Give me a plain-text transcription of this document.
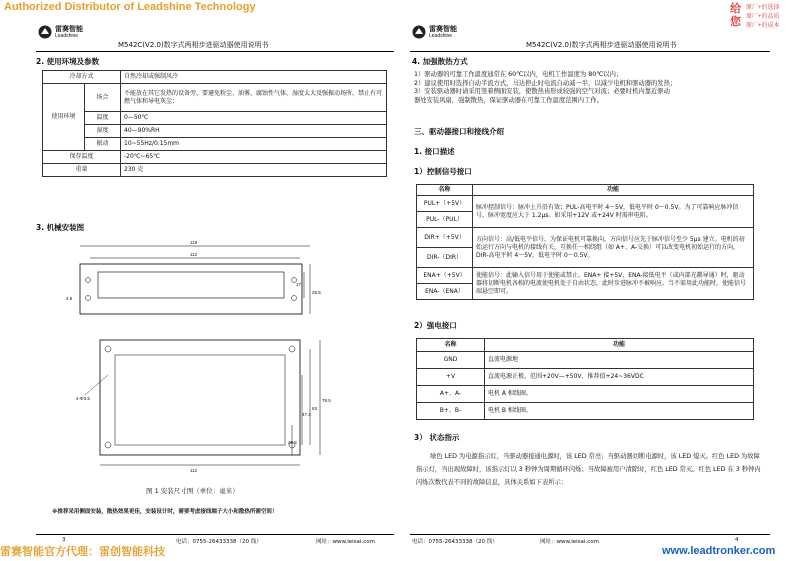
Authorized Distributor of Leadshine Technology	给您
原厂+的选择
原厂+的品质
原厂+的成本
雷赛智能
Leadshine
M542C(V2.0)数字式两相步进驱动器使用说明书
2. 使用环境及参数
冷却方式		自然冷却或强制风冷
使用环境	场合	不能放在其它发热的设备旁，要避免粉尘、油雾、腐蚀性气体，湿度太大及强振动场所，禁止有可燃气体和导电灰尘；
	温度	0—50℃
	湿度	40—90%RH
	振动	10~55Hz/0.15mm
保存温度		-20℃~65℃
重量		230 克
3. 机械安装图
118
112
25.5
17
4.5
4-Φ3.5	78.5
63
47.4
28.5
112
图 1 安装尺寸图（单位：毫米）
※推荐采用侧面安装，散热效果更佳，安装设计时，需要考虑接线端子大小和散热所需空间！
3	电话：0755-26433338（20 线）	网址：www.leisai.com
雷赛智能
Leadshine
M542C(V2.0)数字式两相步进驱动器使用说明书
4. 加强散热方式
1）驱动器的可靠工作温度通常在 60℃以内，电机工作温度为 80℃以内；
2）建议使用时选择自动半流方式，马达停止时电流自动减一半，以减少电机和驱动器的发热；
3）安装驱动器时请采用竖着侧面安装，使散热齿形成较强的空气对流；必要时机内靠近驱动
器处安装风扇，强制散热，保证驱动器在可靠工作温度范围内工作。
三、驱动器接口和接线介绍
1. 接口描述
1）控制信号接口
名称	功能
PUL+（+5V）	脉冲控制信号：脉冲上升沿有效；PUL-高电平时 4～5V，低电平时 0～0.5V。为了可靠响应脉冲信号，脉冲宽度应大于 1.2μs。如采用+12V 或+24V 时需串电阻。
PUL-（PUL）	
DIR+（+5V）	方向信号：高/低电平信号，为保证电机可靠换向，方向信号应先于脉冲信号至少 5μs 建立。电机的初始运行方向与电机的接线有关，互换任一相绕组（如 A+、A-交换）可以改变电机初始运行的方向，DIR-高电平时 4～5V，低电平时 0～0.5V。
DIR-（DIR）	
ENA+（+5V）	使能信号：此输入信号用于使能或禁止。ENA+ 接+5V，ENA-接低电平（或内部光耦导通）时，驱动器将切断电机各相的电流使电机处于自由状态，此时步进脉冲不被响应。当不需用此功能时，使能信号端悬空即可。
ENA-（ENA）	
2）强电接口
名称	功能
GND	直流电源地
+V	直流电源正极，范围+20V—+50V，推荐值+24~36VDC
A+、A-	电机 A 相线圈。
B+、B-	电机 B 相线圈。
3） 状态指示
绿色 LED 为电源指示灯，当驱动器接通电源时，该 LED 常亮；当驱动器切断电源时，该 LED 熄灭。红色 LED 为故障指示灯，当出现故障时，该指示灯以 3 秒钟为周期循环闪烁；当故障被用户清除时，红色 LED 常灭。红色 LED 在 3 秒钟内闪烁次数代表不同的故障信息，具体关系如下表所示：
电话：0755-26433338（20 线）	网址：www.leisai.com	4
雷赛智能官方代理：雷创智能科技	www.leadtronker.com
